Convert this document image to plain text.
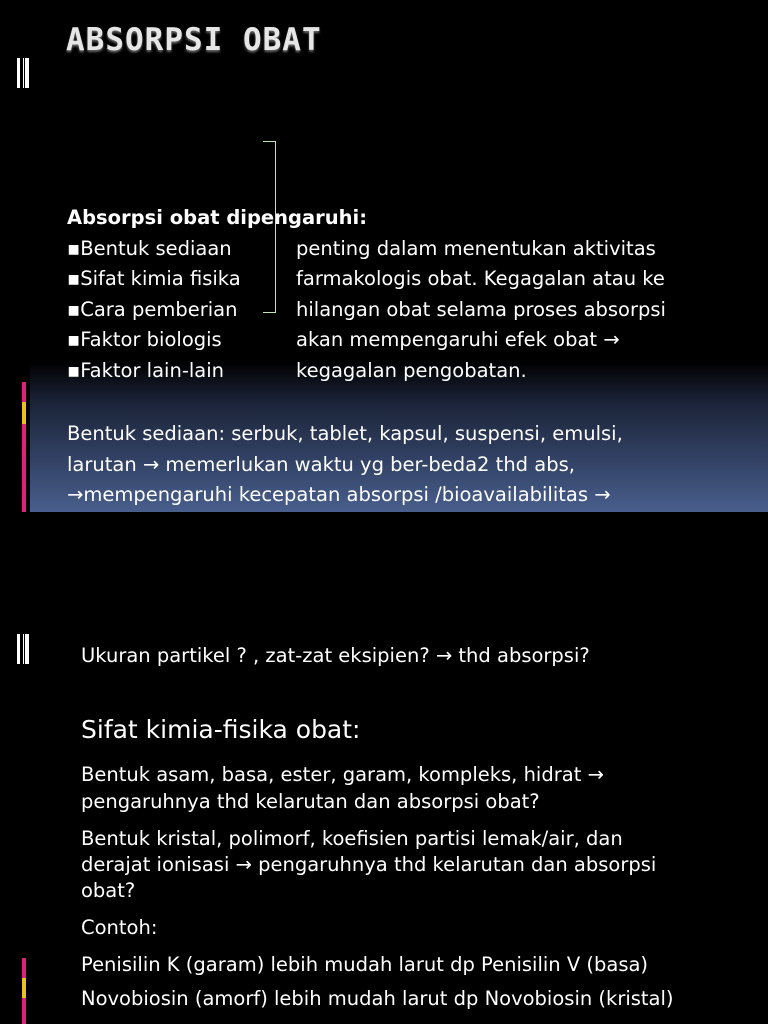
ABSORPSI OBAT
Absorpsi obat dipengaruhi:
▪Bentuk sediaan
▪Sifat kimia fisika
▪Cara pemberian
▪Faktor biologis
▪Faktor lain-lain
penting dalam menentukan aktivitas
farmakologis obat. Kegagalan atau ke
hilangan obat selama proses absorpsi
akan mempengaruhi efek obat →
kegagalan pengobatan.
Bentuk sediaan: serbuk, tablet, kapsul, suspensi, emulsi,
larutan → memerlukan waktu yg ber-beda2 thd abs,
→mempengaruhi kecepatan absorpsi /bioavailabilitas →
Ukuran partikel ? , zat-zat eksipien? → thd absorpsi?
Sifat kimia-fisika obat:
Bentuk asam, basa, ester, garam, kompleks, hidrat →
pengaruhnya thd kelarutan dan absorpsi obat?
Bentuk kristal, polimorf, koefisien partisi lemak/air, dan
derajat ionisasi → pengaruhnya thd kelarutan dan absorpsi
obat?
Contoh:
Penisilin K (garam) lebih mudah larut dp Penisilin V (basa)
Novobiosin (amorf) lebih mudah larut dp Novobiosin (kristal)
